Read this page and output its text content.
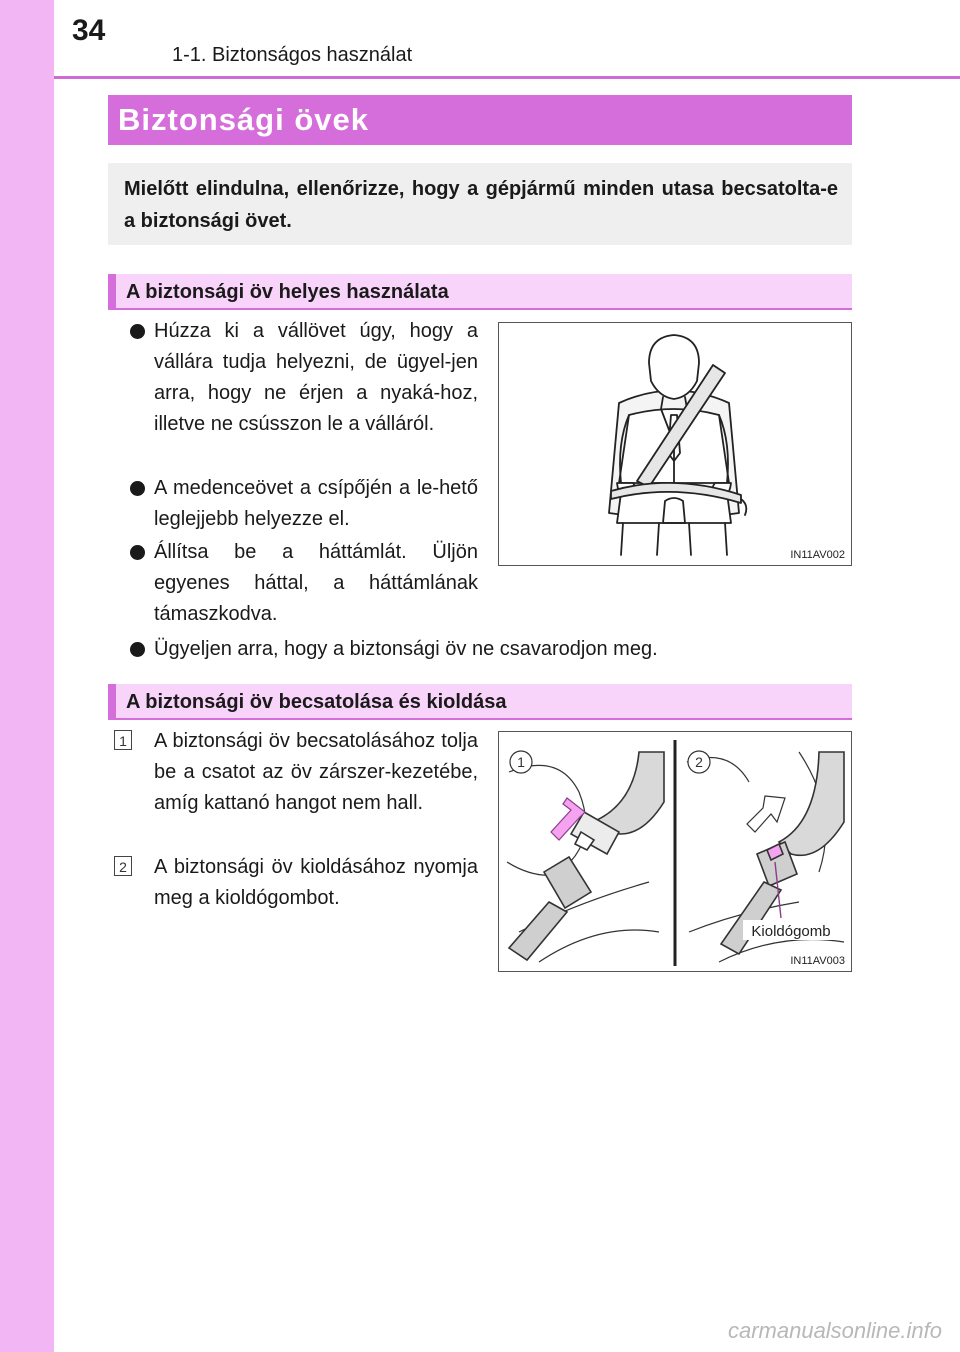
34
1-1. Biztonságos használat
Biztonsági övek
Mielőtt elindulna, ellenőrizze, hogy a gépjármű minden utasa becsatolta-e a biztonsági övet.
A biztonsági öv helyes használata
Húzza ki a vállövet úgy, hogy a vállára tudja helyezni, de ügyel-jen arra, hogy ne érjen a nyaká-hoz, illetve ne csússzon le a válláról.
A medenceövet a csípőjén a le-hető leglejjebb helyezze el.
Állítsa be a háttámlát. Üljön egyenes háttal, a háttámlának támaszkodva.
Ügyeljen arra, hogy a biztonsági öv ne csavarodjon meg.
IN11AV002
A biztonsági öv becsatolása és kioldása
1 A biztonsági öv becsatolásához tolja be a csatot az öv zárszer-kezetébe, amíg kattanó hangot nem hall.
2 A biztonsági öv kioldásához nyomja meg a kioldógombot.
1	2
Kioldógomb
IN11AV003
carmanualsonline.info
